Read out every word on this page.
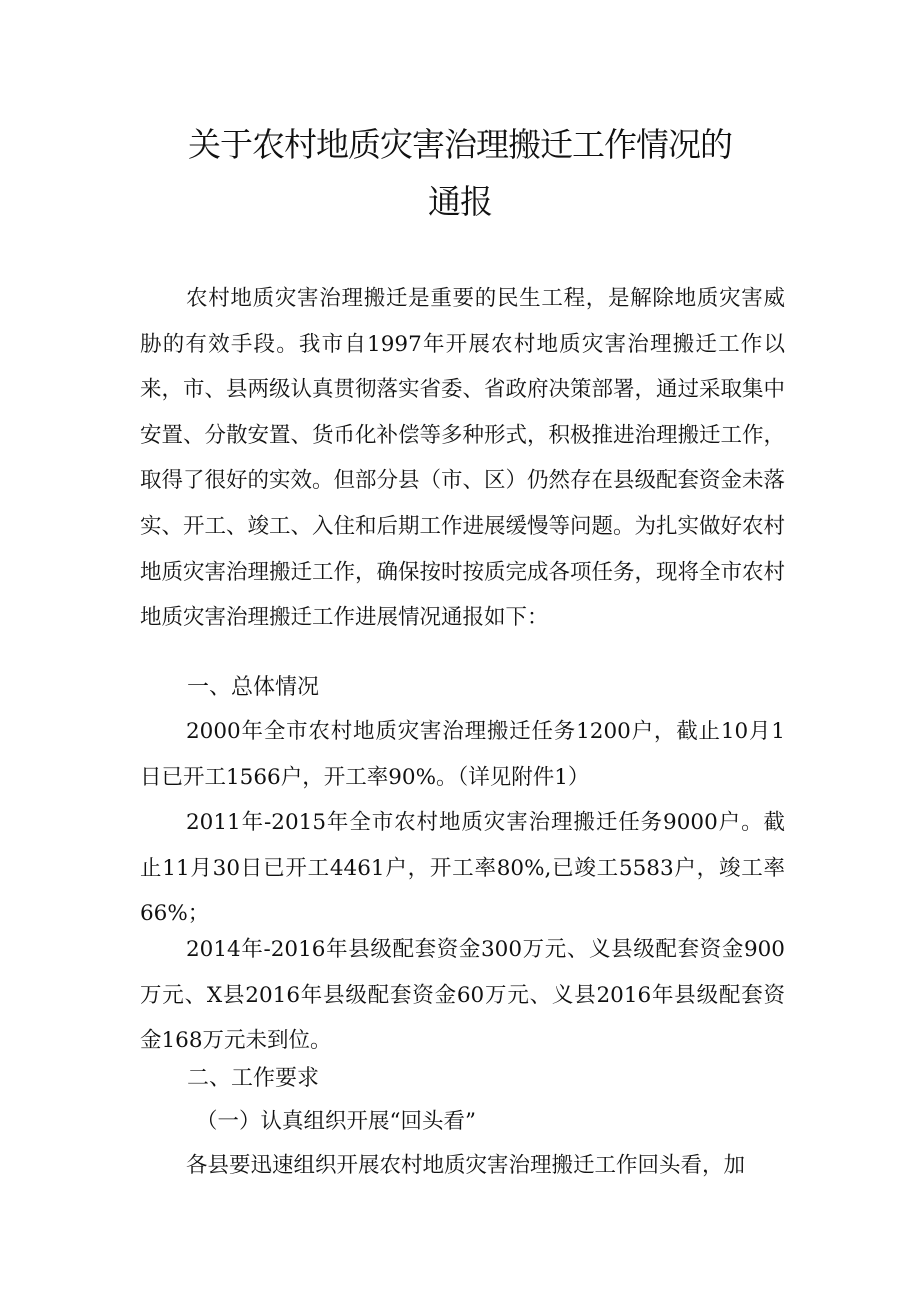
关于农村地质灾害治理搬迁工作情况的
通报

农村地质灾害治理搬迁是重要的民生工程，是解除地质灾害威胁的有效手段。我市自1997年开展农村地质灾害治理搬迁工作以来，市、县两级认真贯彻落实省委、省政府决策部署，通过采取集中安置、分散安置、货币化补偿等多种形式，积极推进治理搬迁工作，取得了很好的实效。但部分县（市、区）仍然存在县级配套资金未落实、开工、竣工、入住和后期工作进展缓慢等问题。为扎实做好农村地质灾害治理搬迁工作，确保按时按质完成各项任务，现将全市农村地质灾害治理搬迁工作进展情况通报如下：

一、总体情况

2000年全市农村地质灾害治理搬迁任务1200户，截止10月1日已开工1566户，开工率90%。（详见附件1）

2011年-2015年全市农村地质灾害治理搬迁任务9000户。截止11月30日已开工4461户，开工率80%,已竣工5583户，竣工率66%；

2014年-2016年县级配套资金300万元、义县级配套资金900万元、X县2016年县级配套资金60万元、义县2016年县级配套资金168万元未到位。

二、工作要求
（一）认真组织开展“回头看”

各县要迅速组织开展农村地质灾害治理搬迁工作回头看，加
